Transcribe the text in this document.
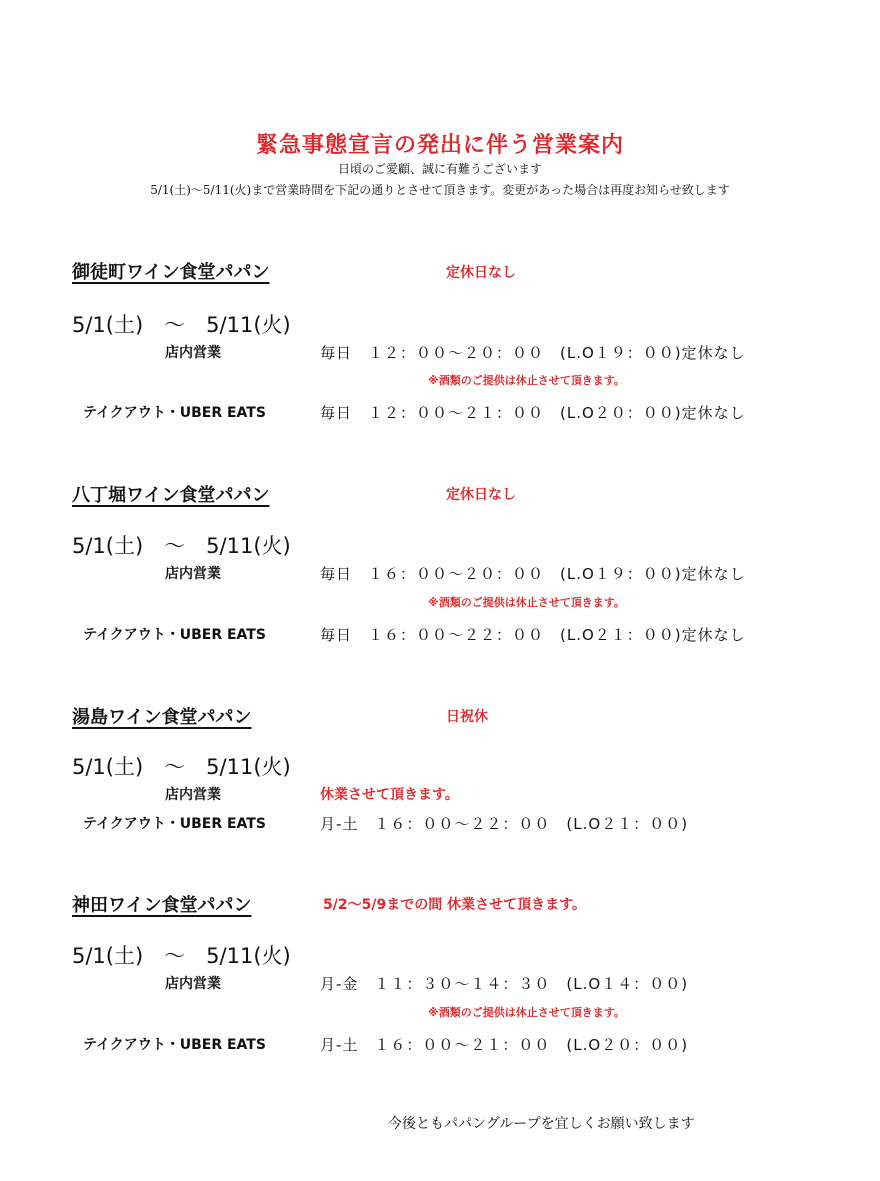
緊急事態宣言の発出に伴う営業案内
日頃のご愛顧、誠に有難うございます
5/1(土)～5/11(火)まで営業時間を下記の通りとさせて頂きます。変更があった場合は再度お知らせ致します
御徒町ワイン食堂パパン	定休日なし
5/1(土)　～　5/11(火)
店内営業	毎日　１２：００～２０：００　(L.O１９：００)定休なし
※酒類のご提供は休止させて頂きます。
テイクアウト・UBER EATS	毎日　１２：００～２１：００　(L.O２０：００)定休なし
八丁堀ワイン食堂パパン	定休日なし
5/1(土)　～　5/11(火)
店内営業	毎日　１６：００～２０：００　(L.O１９：００)定休なし
※酒類のご提供は休止させて頂きます。
テイクアウト・UBER EATS	毎日　１６：００～２２：００　(L.O２１：００)定休なし
湯島ワイン食堂パパン	日祝休
5/1(土)　～　5/11(火)
店内営業	休業させて頂きます。
テイクアウト・UBER EATS	月-土　１６：００～２２：００　(L.O２１：００)
神田ワイン食堂パパン	5/2～5/9までの間 休業させて頂きます。
5/1(土)　～　5/11(火)
店内営業	月-金　１１：３０～１４：３０　(L.O１４：００)
※酒類のご提供は休止させて頂きます。
テイクアウト・UBER EATS	月-土　１６：００～２１：００　(L.O２０：００)
今後ともパパングループを宜しくお願い致します
